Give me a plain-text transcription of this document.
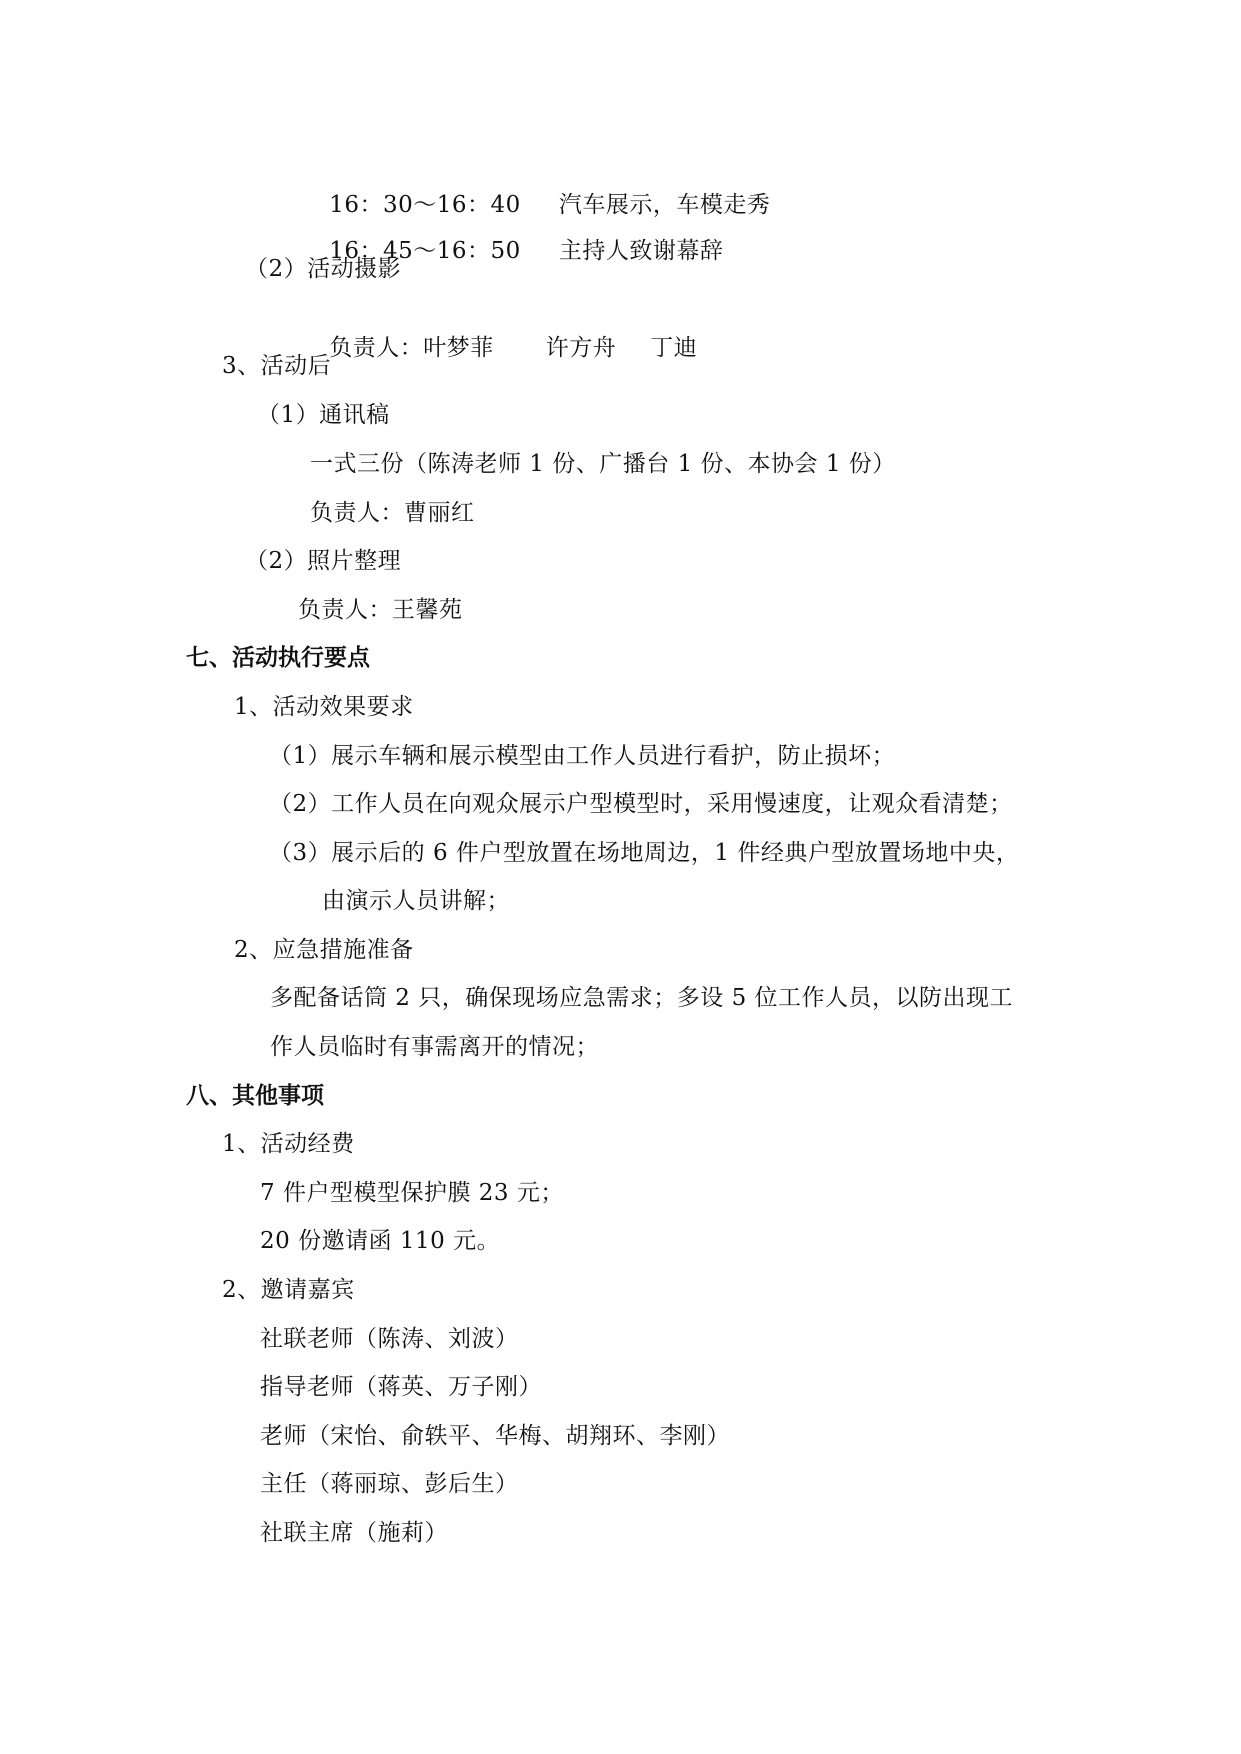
16：30～16：40 汽车展示，车模走秀

16：45～16：50 主持人致谢幕辞

（2）活动摄影

负责人：叶梦菲 许方舟 丁迪

3、活动后
（1）通讯稿
一式三份（陈涛老师 1 份、广播台 1 份、本协会 1 份）
负责人：曹丽红
（2）照片整理
负责人：王馨苑
七、活动执行要点
1、活动效果要求
（1）展示车辆和展示模型由工作人员进行看护，防止损坏；
（2）工作人员在向观众展示户型模型时，采用慢速度，让观众看清楚；
（3）展示后的 6 件户型放置在场地周边，1 件经典户型放置场地中央，
由演示人员讲解；
2、应急措施准备
多配备话筒 2 只，确保现场应急需求；多设 5 位工作人员，以防出现工
作人员临时有事需离开的情况；
八、其他事项
1、活动经费
7 件户型模型保护膜 23 元；
20 份邀请函 110 元。
2、邀请嘉宾
社联老师（陈涛、刘波）
指导老师（蒋英、万子刚）
老师（宋怡、俞轶平、华梅、胡翔环、李刚）
主任（蒋丽琼、彭后生）
社联主席（施莉）
